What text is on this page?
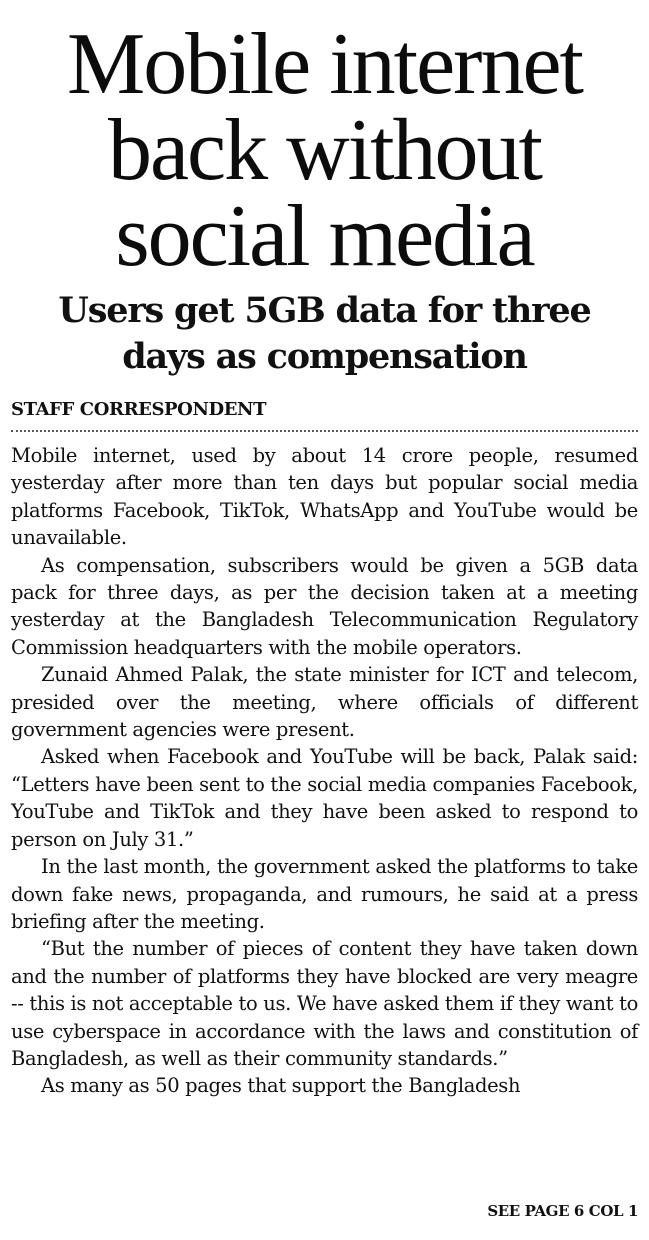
Mobile internet
back without
social media
Users get 5GB data for three
days as compensation
STAFF CORRESPONDENT

Mobile internet, used by about 14 crore people, resumed yesterday after more than ten days but popular social media platforms Facebook, TikTok, WhatsApp and YouTube would be unavailable.

As compensation, subscribers would be given a 5GB data pack for three days, as per the decision taken at a meeting yesterday at the Bangladesh Telecommunication Regulatory Commission headquarters with the mobile operators.

Zunaid Ahmed Palak, the state minister for ICT and telecom, presided over the meeting, where officials of different government agencies were present.

Asked when Facebook and YouTube will be back, Palak said: “Letters have been sent to the social media companies Facebook, YouTube and TikTok and they have been asked to respond to person on July 31.”

In the last month, the government asked the platforms to take down fake news, propaganda, and rumours, he said at a press briefing after the meeting.

“But the number of pieces of content they have taken down and the number of platforms they have blocked are very meagre -- this is not acceptable to us. We have asked them if they want to use cyberspace in accordance with the laws and constitution of Bangladesh, as well as their community standards.”

As many as 50 pages that support the Bangladesh

SEE PAGE 6 COL 1
